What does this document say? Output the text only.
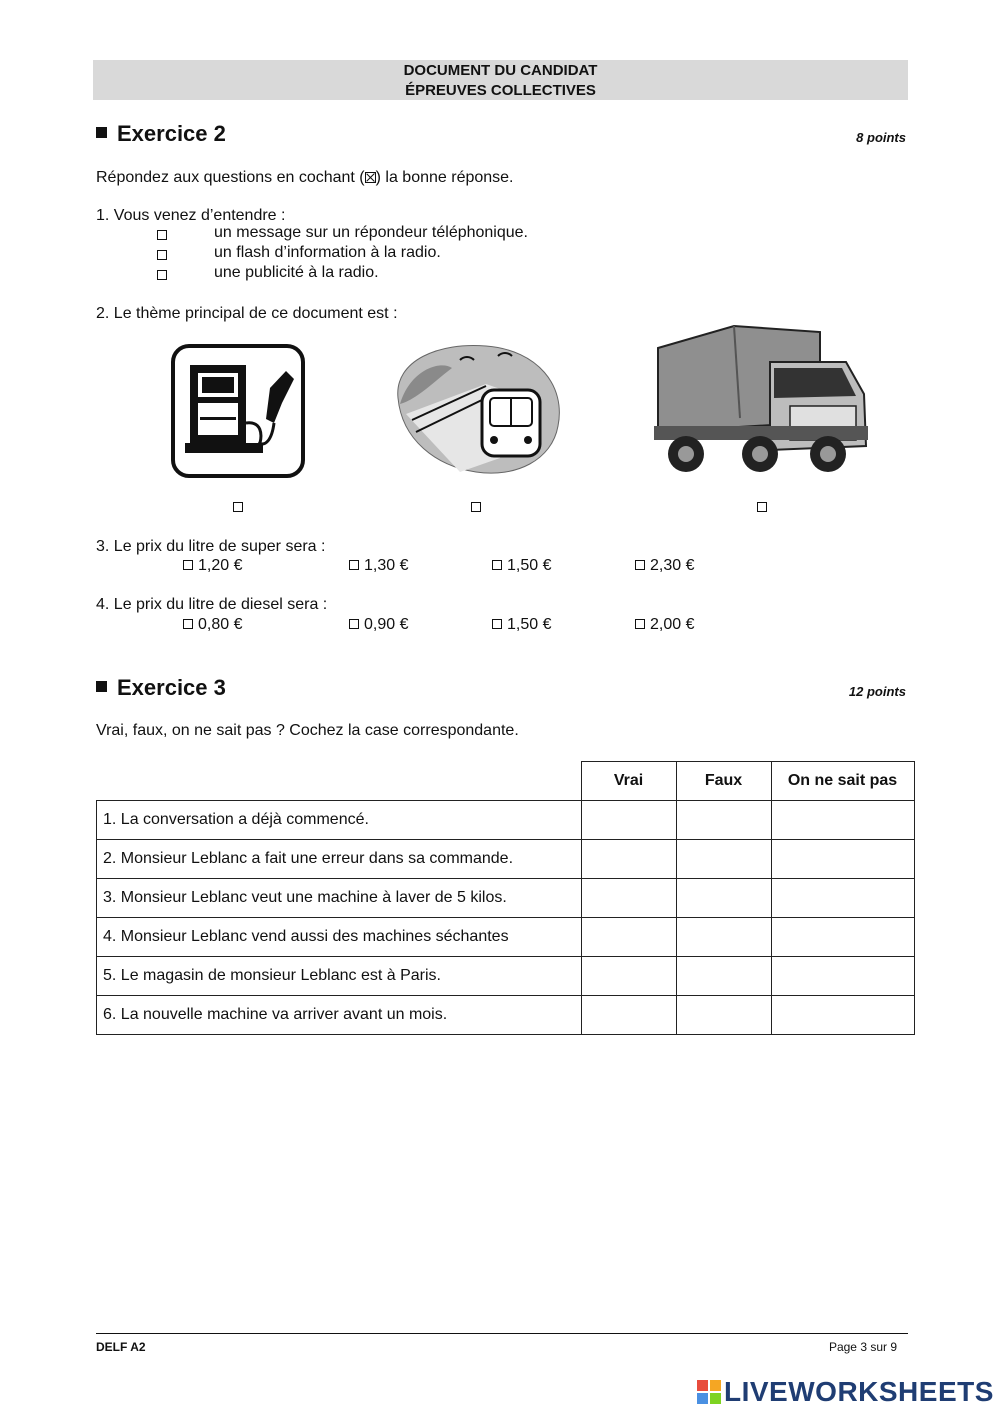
DOCUMENT DU CANDIDAT
ÉPREUVES COLLECTIVES
Exercice 2	8 points
Répondez aux questions en cochant ( ) la bonne réponse.
1. Vous venez d’entendre :
un message sur un répondeur téléphonique.
un flash d’information à la radio.
une publicité à la radio.
2. Le thème principal de ce document est :
3. Le prix du litre de super sera :
1,20 €	1,30 €	1,50 €	2,30 €
4. Le prix du litre de diesel sera :
0,80 €	0,90 €	1,50 €	2,00 €
Exercice 3	12 points
Vrai, faux, on ne sait pas ? Cochez la case correspondante.
	Vrai	Faux	On ne sait pas
1. La conversation a déjà commencé.			
2. Monsieur Leblanc a fait une erreur dans sa commande.			
3. Monsieur Leblanc veut une machine à laver de 5 kilos.			
4. Monsieur Leblanc vend aussi des machines séchantes			
5. Le magasin de monsieur Leblanc est à Paris.			
6. La nouvelle machine va arriver avant un mois.			
DELF A2	Page 3 sur 9
LIVEWORKSHEETS
